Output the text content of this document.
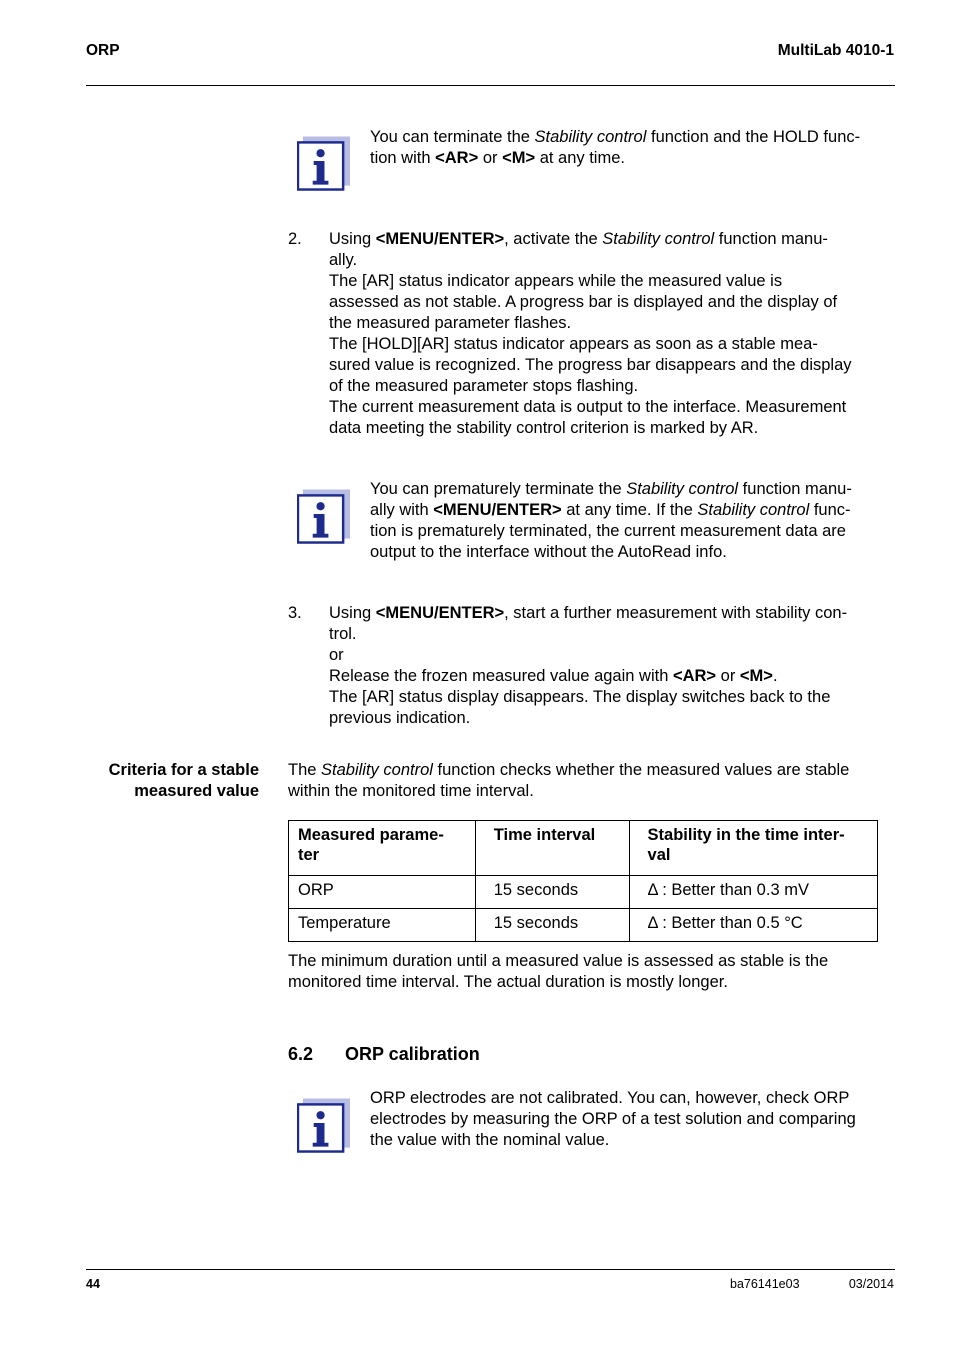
ORP	MultiLab 4010-1

You can terminate the Stability control function and the HOLD func-

tion with <AR> or <M> at any time.

2. Using <MENU/ENTER>, activate the Stability control function manu-

ally.

The [AR] status indicator appears while the measured value is

assessed as not stable. A progress bar is displayed and the display of

the measured parameter flashes.

The [HOLD][AR] status indicator appears as soon as a stable mea-

sured value is recognized. The progress bar disappears and the display

of the measured parameter stops flashing.

The current measurement data is output to the interface. Measurement

data meeting the stability control criterion is marked by AR.

You can prematurely terminate the Stability control function manu-

ally with <MENU/ENTER> at any time. If the Stability control func-

tion is prematurely terminated, the current measurement data are

output to the interface without the AutoRead info.

3. Using <MENU/ENTER>, start a further measurement with stability con-

trol.

or

Release the frozen measured value again with <AR> or <M>.

The [AR] status display disappears. The display switches back to the

previous indication.

Criteria for a stable
measured value

The Stability control function checks whether the measured values are stable

within the monitored time interval.

Measured parame-
ter	Time interval	Stability in the time inter-
val
ORP	15 seconds	Δ : Better than 0.3 mV
Temperature	15 seconds	Δ : Better than 0.5 °C

The minimum duration until a measured value is assessed as stable is the

monitored time interval. The actual duration is mostly longer.

6.2 ORP calibration

ORP electrodes are not calibrated. You can, however, check ORP

electrodes by measuring the ORP of a test solution and comparing

the value with the nominal value.

44	ba76141e03	03/2014
